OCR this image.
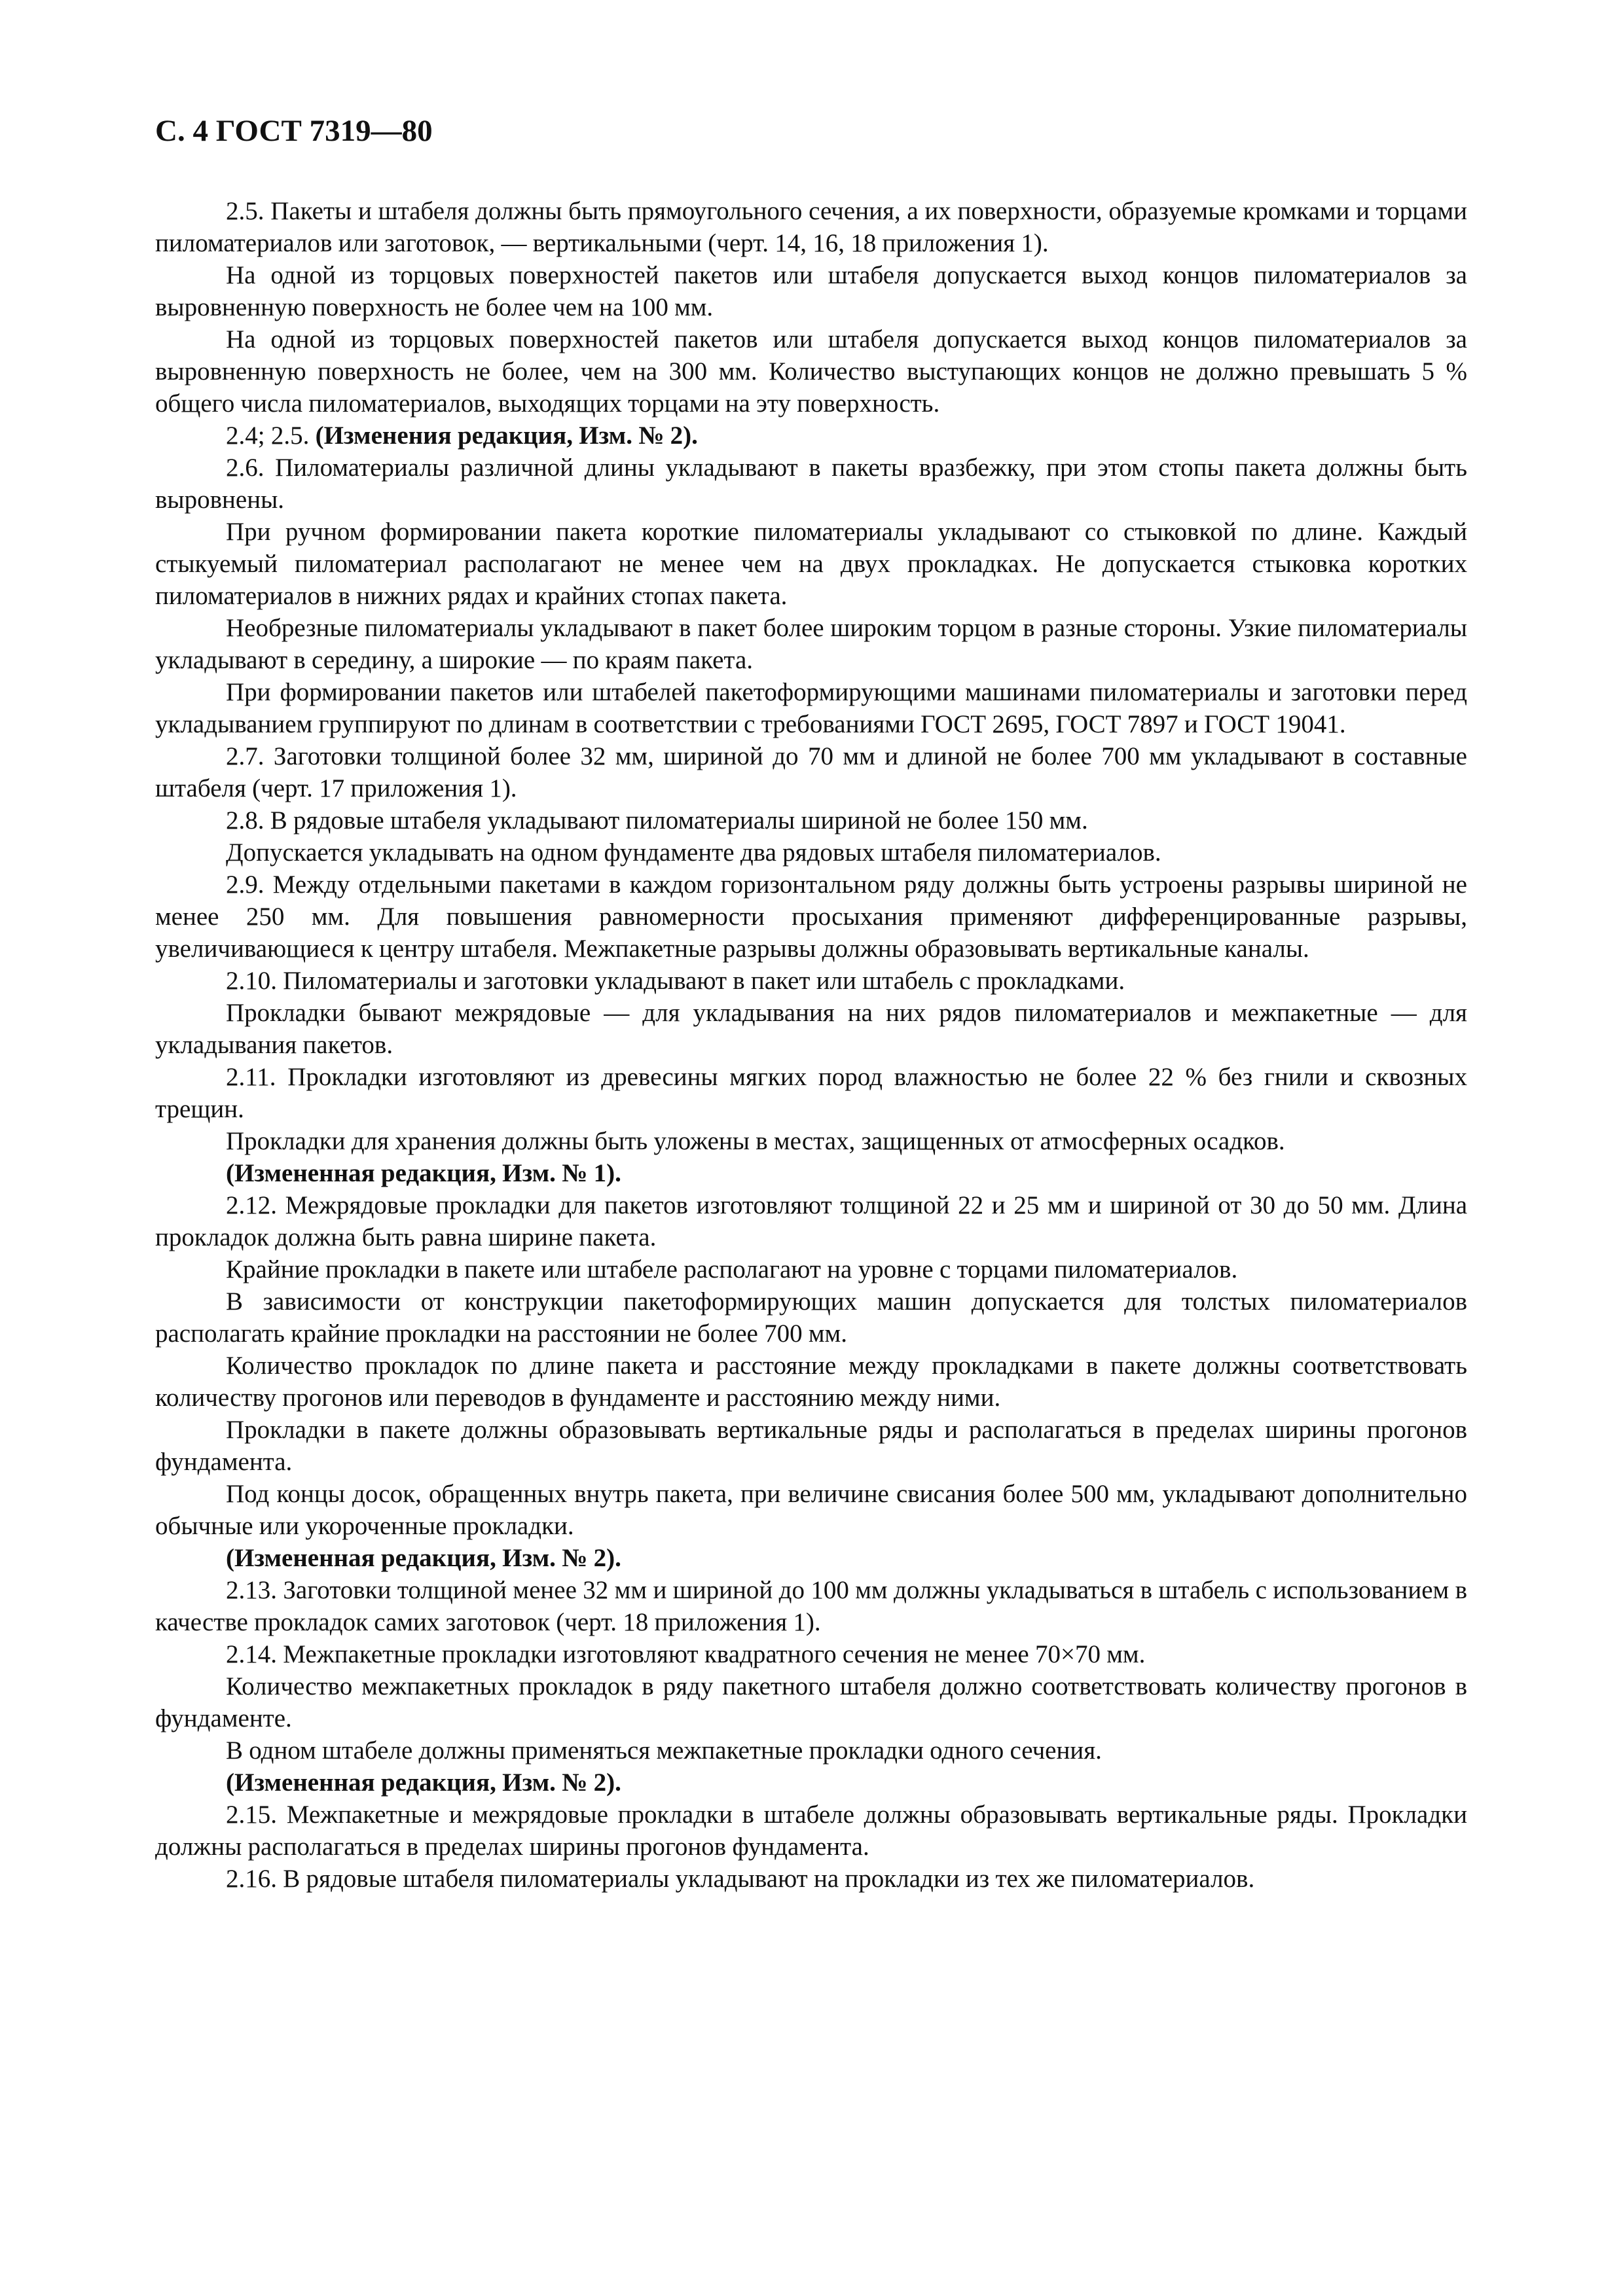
С. 4 ГОСТ 7319—80

2.5. Пакеты и штабеля должны быть прямоугольного сечения, а их поверхности, образуемые кромками и торцами пиломатериалов или заготовок, — вертикальными (черт. 14, 16, 18 приложения 1).

На одной из торцовых поверхностей пакетов или штабеля допускается выход концов пиломатериалов за выровненную поверхность не более чем на 100 мм.

На одной из торцовых поверхностей пакетов или штабеля допускается выход концов пиломатериалов за выровненную поверхность не более, чем на 300 мм. Количество выступающих концов не должно превышать 5 % общего числа пиломатериалов, выходящих торцами на эту поверхность.

2.4; 2.5. (Изменения редакция, Изм. № 2).

2.6. Пиломатериалы различной длины укладывают в пакеты вразбежку, при этом стопы пакета должны быть выровнены.

При ручном формировании пакета короткие пиломатериалы укладывают со стыковкой по длине. Каждый стыкуемый пиломатериал располагают не менее чем на двух прокладках. Не допускается стыковка коротких пиломатериалов в нижних рядах и крайних стопах пакета.

Необрезные пиломатериалы укладывают в пакет более широким торцом в разные стороны. Узкие пиломатериалы укладывают в середину, а широкие — по краям пакета.

При формировании пакетов или штабелей пакетоформирующими машинами пиломатериалы и заготовки перед укладыванием группируют по длинам в соответствии с требованиями ГОСТ 2695, ГОСТ 7897 и ГОСТ 19041.

2.7. Заготовки толщиной более 32 мм, шириной до 70 мм и длиной не более 700 мм укладывают в составные штабеля (черт. 17 приложения 1).

2.8. В рядовые штабеля укладывают пиломатериалы шириной не более 150 мм.

Допускается укладывать на одном фундаменте два рядовых штабеля пиломатериалов.

2.9. Между отдельными пакетами в каждом горизонтальном ряду должны быть устроены разрывы шириной не менее 250 мм. Для повышения равномерности просыхания применяют дифференцированные разрывы, увеличивающиеся к центру штабеля. Межпакетные разрывы должны образовывать вертикальные каналы.

2.10. Пиломатериалы и заготовки укладывают в пакет или штабель с прокладками.

Прокладки бывают межрядовые — для укладывания на них рядов пиломатериалов и межпакетные — для укладывания пакетов.

2.11. Прокладки изготовляют из древесины мягких пород влажностью не более 22 % без гнили и сквозных трещин.

Прокладки для хранения должны быть уложены в местах, защищенных от атмосферных осадков.

(Измененная редакция, Изм. № 1).

2.12. Межрядовые прокладки для пакетов изготовляют толщиной 22 и 25 мм и шириной от 30 до 50 мм. Длина прокладок должна быть равна ширине пакета.

Крайние прокладки в пакете или штабеле располагают на уровне с торцами пиломатериалов.

В зависимости от конструкции пакетоформирующих машин допускается для толстых пиломатериалов располагать крайние прокладки на расстоянии не более 700 мм.

Количество прокладок по длине пакета и расстояние между прокладками в пакете должны соответствовать количеству прогонов или переводов в фундаменте и расстоянию между ними.

Прокладки в пакете должны образовывать вертикальные ряды и располагаться в пределах ширины прогонов фундамента.

Под концы досок, обращенных внутрь пакета, при величине свисания более 500 мм, укладывают дополнительно обычные или укороченные прокладки.

(Измененная редакция, Изм. № 2).

2.13. Заготовки толщиной менее 32 мм и шириной до 100 мм должны укладываться в штабель с использованием в качестве прокладок самих заготовок (черт. 18 приложения 1).

2.14. Межпакетные прокладки изготовляют квадратного сечения не менее 70×70 мм.

Количество межпакетных прокладок в ряду пакетного штабеля должно соответствовать количеству прогонов в фундаменте.

В одном штабеле должны применяться межпакетные прокладки одного сечения.

(Измененная редакция, Изм. № 2).

2.15. Межпакетные и межрядовые прокладки в штабеле должны образовывать вертикальные ряды. Прокладки должны располагаться в пределах ширины прогонов фундамента.

2.16. В рядовые штабеля пиломатериалы укладывают на прокладки из тех же пиломатериалов.
